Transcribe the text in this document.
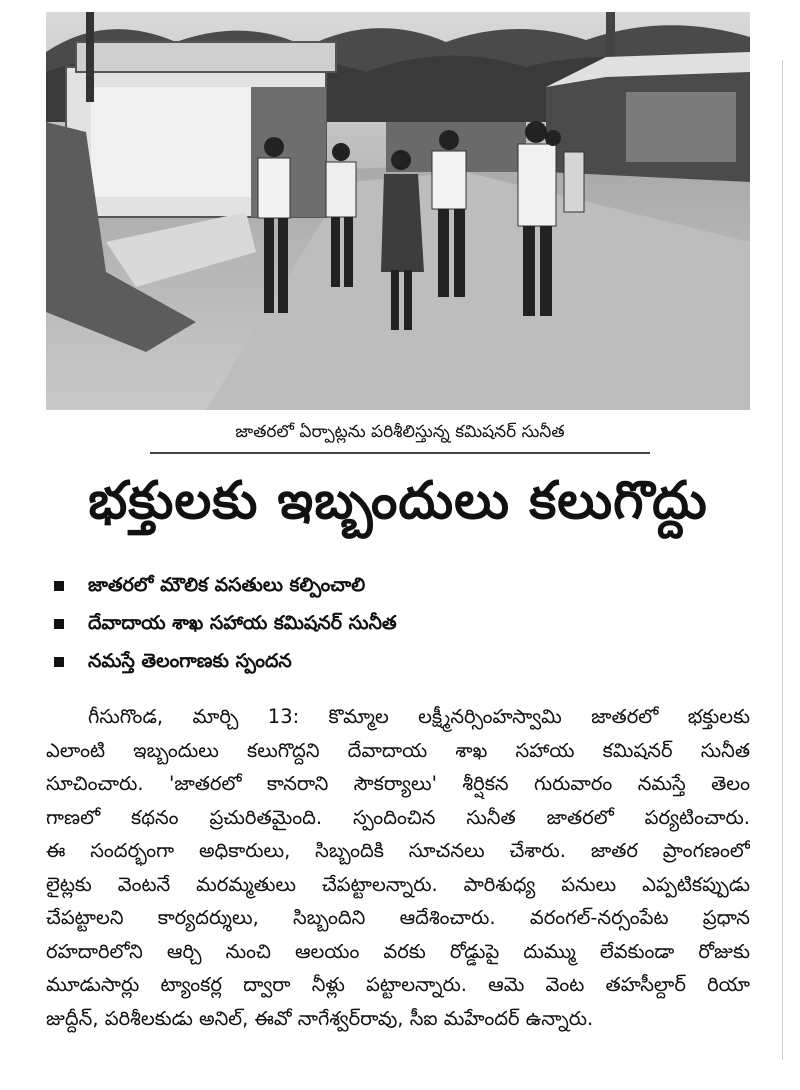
జాతరలో ఏర్పాట్లను పరిశీలిస్తున్న కమిషనర్ సునీత
భక్తులకు ఇబ్బందులు కలుగొద్దు
జాతరలో మౌలిక వసతులు కల్పించాలి
దేవాదాయ శాఖ సహాయ కమిషనర్ సునీత
నమస్తే తెలంగాణకు స్పందన
గీసుగొండ, మార్చి 13: కొమ్మాల లక్ష్మీనర్సింహస్వామి జాతరలో భక్తులకు
ఎలాంటి ఇబ్బందులు కలుగొద్దని దేవాదాయ శాఖ సహాయ కమిషనర్ సునీత
సూచించారు. 'జాతరలో కానరాని సౌకర్యాలు' శీర్షికన గురువారం నమస్తే తెలం
గాణలో కథనం ప్రచురితమైంది. స్పందించిన సునీత జాతరలో పర్యటించారు.
ఈ సందర్భంగా అధికారులు, సిబ్బందికి సూచనలు చేశారు. జాతర ప్రాంగణంలో
లైట్లకు వెంటనే మరమ్మతులు చేపట్టాలన్నారు. పారిశుధ్య పనులు ఎప్పటికప్పుడు
చేపట్టాలని కార్యదర్శులు, సిబ్బందిని ఆదేశించారు. వరంగల్-నర్సంపేట ప్రధాన
రహదారిలోని ఆర్చి నుంచి ఆలయం వరకు రోడ్డుపై దుమ్ము లేవకుండా రోజుకు
మూడుసార్లు ట్యాంకర్ల ద్వారా నీళ్లు పట్టాలన్నారు. ఆమె వెంట తహసీల్దార్ రియా
జుద్దీన్, పరిశీలకుడు అనిల్, ఈవో నాగేశ్వర్‌రావు, సీఐ మహేందర్ ఉన్నారు.
